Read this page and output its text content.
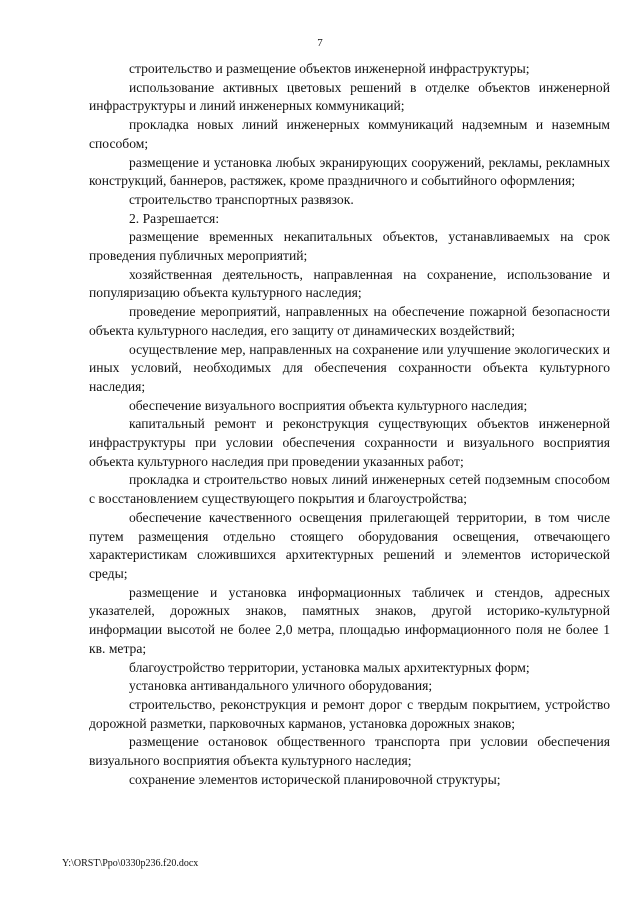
7

строительство и размещение объектов инженерной инфраструктуры;

использование активных цветовых решений в отделке объектов инженерной инфраструктуры и линий инженерных коммуникаций;

прокладка новых линий инженерных коммуникаций надземным и наземным способом;

размещение и установка любых экранирующих сооружений, рекламы, рекламных конструкций, баннеров, растяжек, кроме праздничного и событийного оформления;

строительство транспортных развязок.

2. Разрешается:

размещение временных некапитальных объектов, устанавливаемых на срок проведения публичных мероприятий;

хозяйственная деятельность, направленная на сохранение, использование и популяризацию объекта культурного наследия;

проведение мероприятий, направленных на обеспечение пожарной безопасности объекта культурного наследия, его защиту от динамических воздействий;

осуществление мер, направленных на сохранение или улучшение экологических и иных условий, необходимых для обеспечения сохранности объекта культурного наследия;

обеспечение визуального восприятия объекта культурного наследия;

капитальный ремонт и реконструкция существующих объектов инженерной инфраструктуры при условии обеспечения сохранности и визуального восприятия объекта культурного наследия при проведении указанных работ;

прокладка и строительство новых линий инженерных сетей подземным способом с восстановлением существующего покрытия и благоустройства;

обеспечение качественного освещения прилегающей территории, в том числе путем размещения отдельно стоящего оборудования освещения, отвечающего характеристикам сложившихся архитектурных решений и элементов исторической среды;

размещение и установка информационных табличек и стендов, адресных указателей, дорожных знаков, памятных знаков, другой историко-культурной информации высотой не более 2,0 метра, площадью информационного поля не более 1 кв. метра;

благоустройство территории, установка малых архитектурных форм;

установка антивандального уличного оборудования;

строительство, реконструкция и ремонт дорог с твердым покрытием, устройство дорожной разметки, парковочных карманов, установка дорожных знаков;

размещение остановок общественного транспорта при условии обеспечения визуального восприятия объекта культурного наследия;

сохранение элементов исторической планировочной структуры;

Y:\ORST\Ppo\0330p236.f20.docx
